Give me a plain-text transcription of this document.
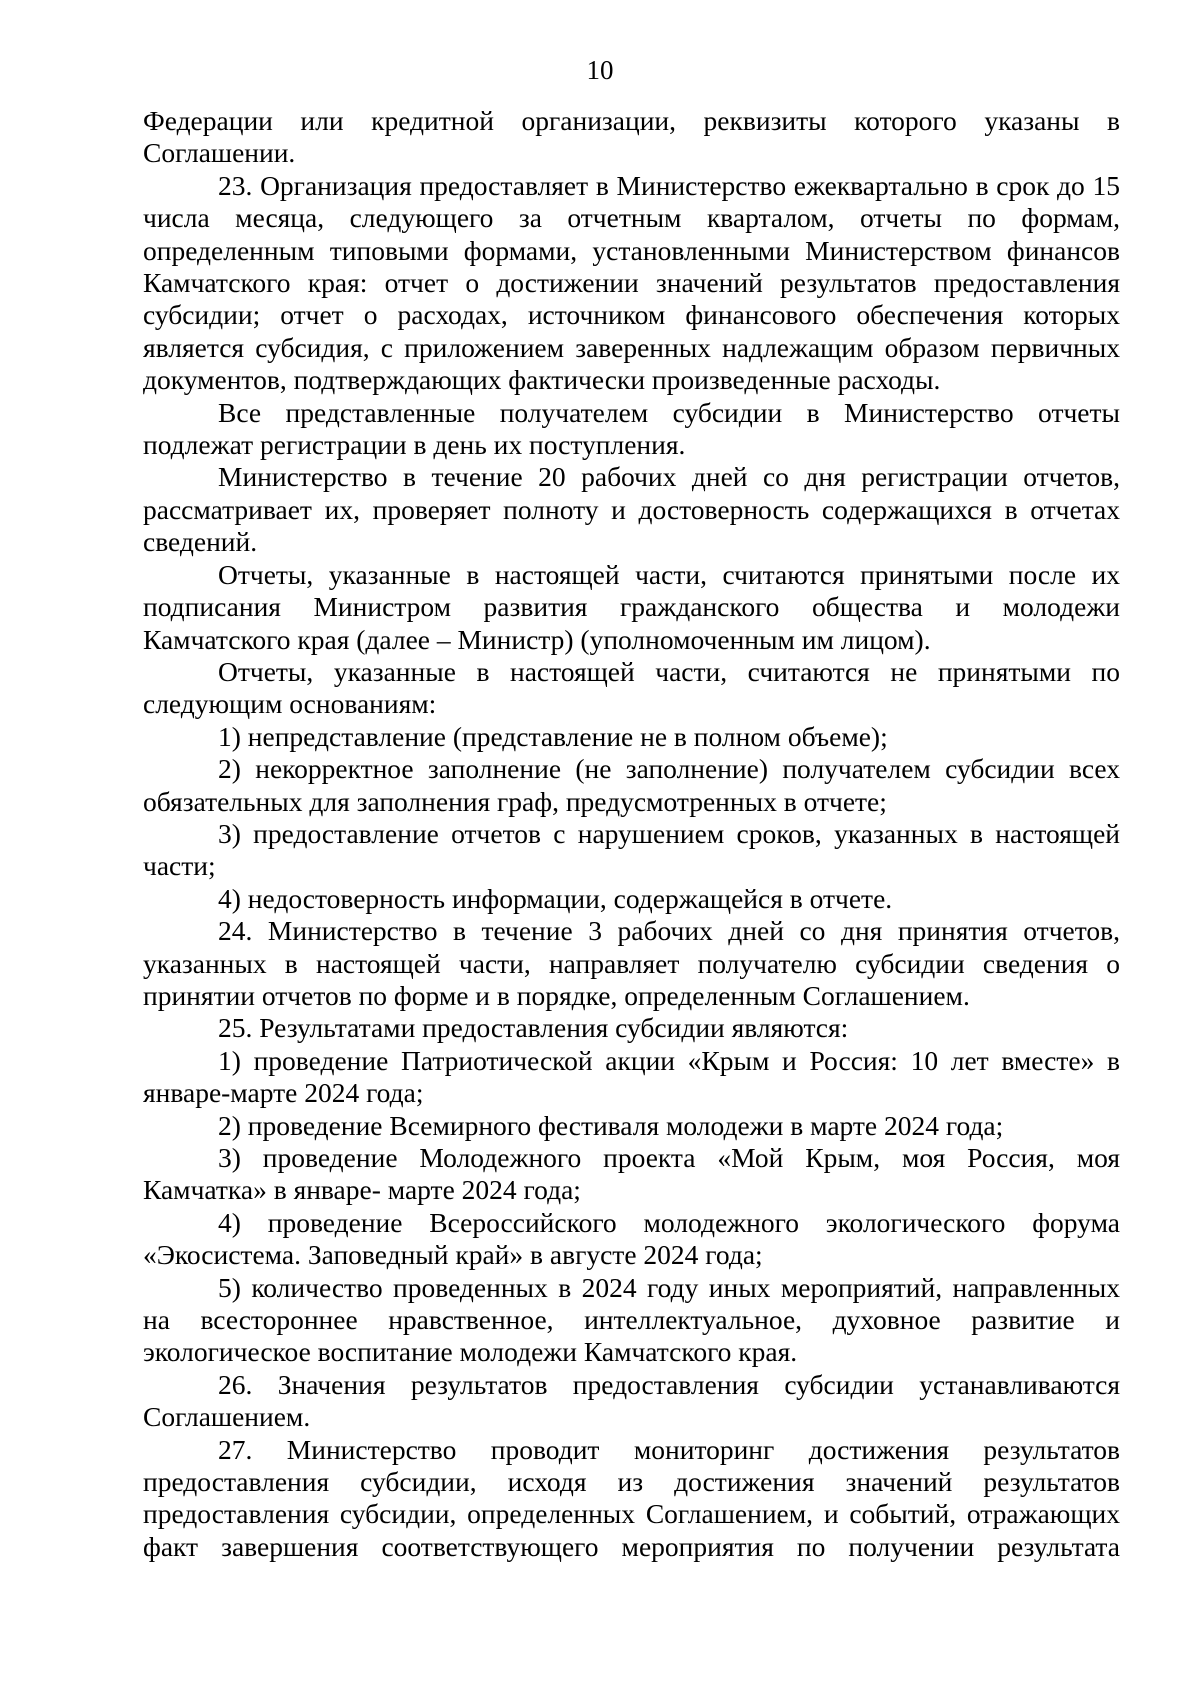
10

Федерации или кредитной организации, реквизиты которого указаны в Соглашении.

23. Организация предоставляет в Министерство ежеквартально в срок до 15 числа месяца, следующего за отчетным кварталом, отчеты по формам, определенным типовыми формами, установленными Министерством финансов Камчатского края: отчет о достижении значений результатов предоставления субсидии; отчет о расходах, источником финансового обеспечения которых является субсидия, с приложением заверенных надлежащим образом первичных документов, подтверждающих фактически произведенные расходы.

Все представленные получателем субсидии в Министерство отчеты подлежат регистрации в день их поступления.

Министерство в течение 20 рабочих дней со дня регистрации отчетов, рассматривает их, проверяет полноту и достоверность содержащихся в отчетах сведений.

Отчеты, указанные в настоящей части, считаются принятыми после их подписания Министром развития гражданского общества и молодежи Камчатского края (далее – Министр) (уполномоченным им лицом).

Отчеты, указанные в настоящей части, считаются не принятыми по следующим основаниям:

1) непредставление (представление не в полном объеме);

2) некорректное заполнение (не заполнение) получателем субсидии всех обязательных для заполнения граф, предусмотренных в отчете;

3) предоставление отчетов с нарушением сроков, указанных в настоящей части;

4) недостоверность информации, содержащейся в отчете.

24. Министерство в течение 3 рабочих дней со дня принятия отчетов, указанных в настоящей части, направляет получателю субсидии сведения о принятии отчетов по форме и в порядке, определенным Соглашением.

25. Результатами предоставления субсидии являются:

1) проведение Патриотической акции «Крым и Россия: 10 лет вместе» в январе-марте 2024 года;

2) проведение Всемирного фестиваля молодежи в марте 2024 года;

3) проведение Молодежного проекта «Мой Крым, моя Россия, моя Камчатка» в январе- марте 2024 года;

4) проведение Всероссийского молодежного экологического форума «Экосистема. Заповедный край» в августе 2024 года;

5) количество проведенных в 2024 году иных мероприятий, направленных на всестороннее нравственное, интеллектуальное, духовное развитие и экологическое воспитание молодежи Камчатского края.

26. Значения результатов предоставления субсидии устанавливаются Соглашением.

27. Министерство проводит мониторинг достижения результатов предоставления субсидии, исходя из достижения значений результатов предоставления субсидии, определенных Соглашением, и событий, отражающих факт завершения соответствующего мероприятия по получении результата
